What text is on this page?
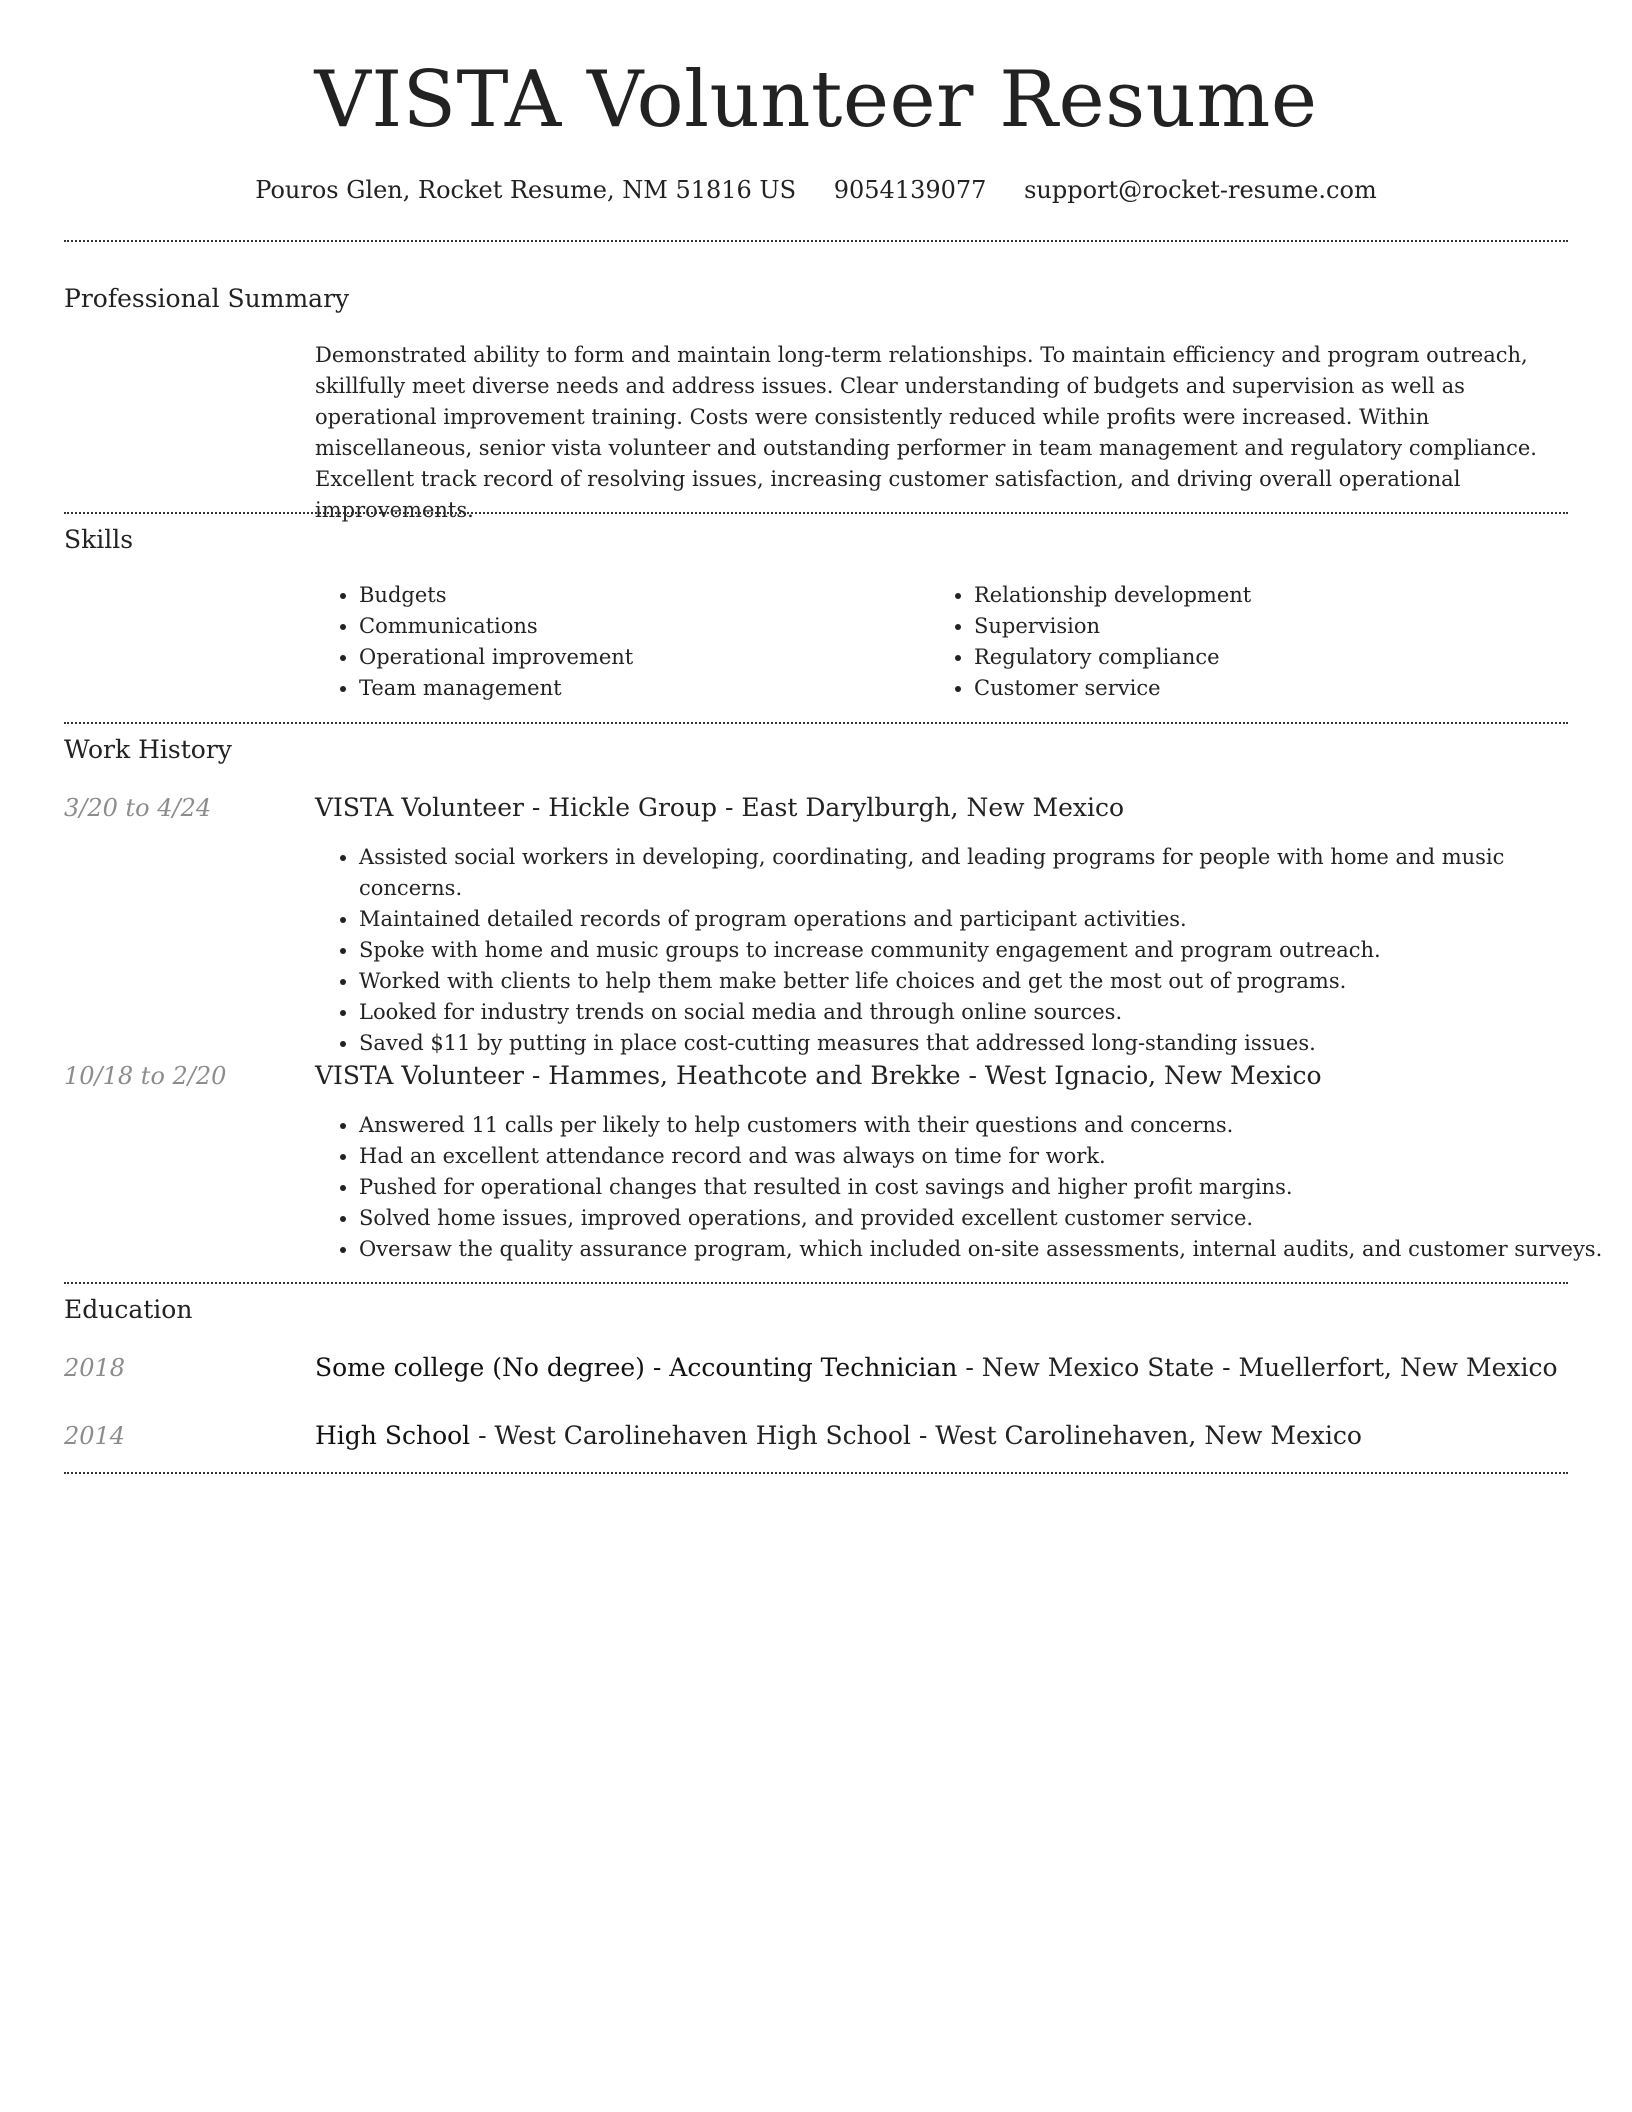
VISTA Volunteer Resume
Pouros Glen, Rocket Resume, NM 51816 US 9054139077 support@rocket-resume.com
Professional Summary

Demonstrated ability to form and maintain long-term relationships. To maintain efficiency and program outreach, skillfully meet diverse needs and address issues. Clear understanding of budgets and supervision as well as operational improvement training. Costs were consistently reduced while profits were increased. Within miscellaneous, senior vista volunteer and outstanding performer in team management and regulatory compliance. Excellent track record of resolving issues, increasing customer satisfaction, and driving overall operational improvements.

Skills
• Budgets
• Communications
• Operational improvement
• Team management
• Relationship development
• Supervision
• Regulatory compliance
• Customer service
Work History
3/20 to 4/24	VISTA Volunteer - Hickle Group - East Darylburgh, New Mexico
• Assisted social workers in developing, coordinating, and leading programs for people with home and music concerns.
• Maintained detailed records of program operations and participant activities.
• Spoke with home and music groups to increase community engagement and program outreach.
• Worked with clients to help them make better life choices and get the most out of programs.
• Looked for industry trends on social media and through online sources.
• Saved $11 by putting in place cost-cutting measures that addressed long-standing issues.
10/18 to 2/20	VISTA Volunteer - Hammes, Heathcote and Brekke - West Ignacio, New Mexico
• Answered 11 calls per likely to help customers with their questions and concerns.
• Had an excellent attendance record and was always on time for work.
• Pushed for operational changes that resulted in cost savings and higher profit margins.
• Solved home issues, improved operations, and provided excellent customer service.
• Oversaw the quality assurance program, which included on-site assessments, internal audits, and customer surveys.
Education
2018	Some college (No degree) - Accounting Technician - New Mexico State - Muellerfort, New Mexico
2014	High School - West Carolinehaven High School - West Carolinehaven, New Mexico
